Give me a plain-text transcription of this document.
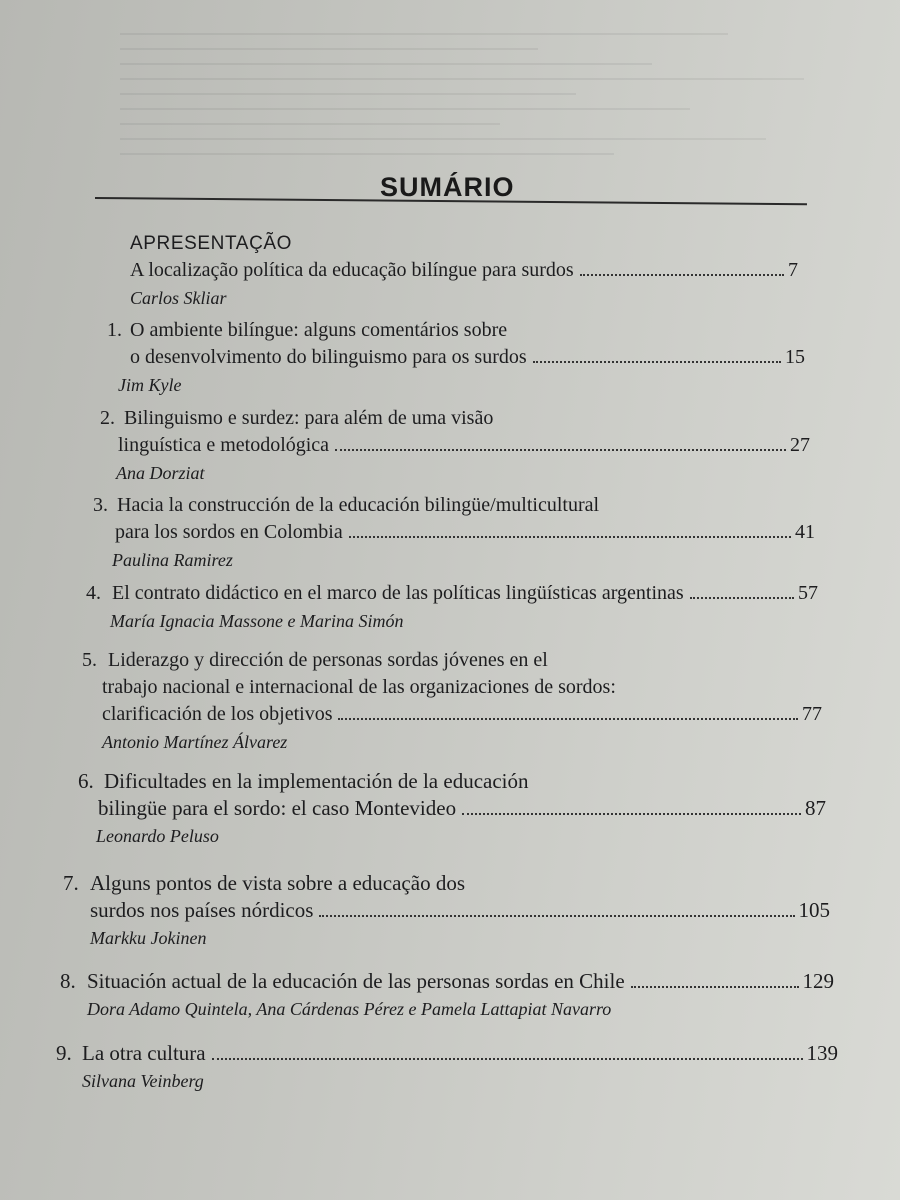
SUMÁRIO
APRESENTAÇÃO
A localização política da educação bilíngue para surdos	7
Carlos Skliar
1. O ambiente bilíngue: alguns comentários sobre
o desenvolvimento do bilinguismo para os surdos	15
Jim Kyle
2. Bilinguismo e surdez: para além de uma visão
linguística e metodológica	27
Ana Dorziat
3. Hacia la construcción de la educación bilingüe/multicultural
para los sordos en Colombia	41
Paulina Ramirez
4. El contrato didáctico en el marco de las políticas lingüísticas argentinas	57
María Ignacia Massone e Marina Simón
5. Liderazgo y dirección de personas sordas jóvenes en el
trabajo nacional e internacional de las organizaciones de sordos:
clarificación de los objetivos	77
Antonio Martínez Álvarez
6. Dificultades en la implementación de la educación
bilingüe para el sordo: el caso Montevideo	87
Leonardo Peluso
7. Alguns pontos de vista sobre a educação dos
surdos nos países nórdicos	105
Markku Jokinen
8. Situación actual de la educación de las personas sordas en Chile	129
Dora Adamo Quintela, Ana Cárdenas Pérez e Pamela Lattapiat Navarro
9. La otra cultura	139
Silvana Veinberg
